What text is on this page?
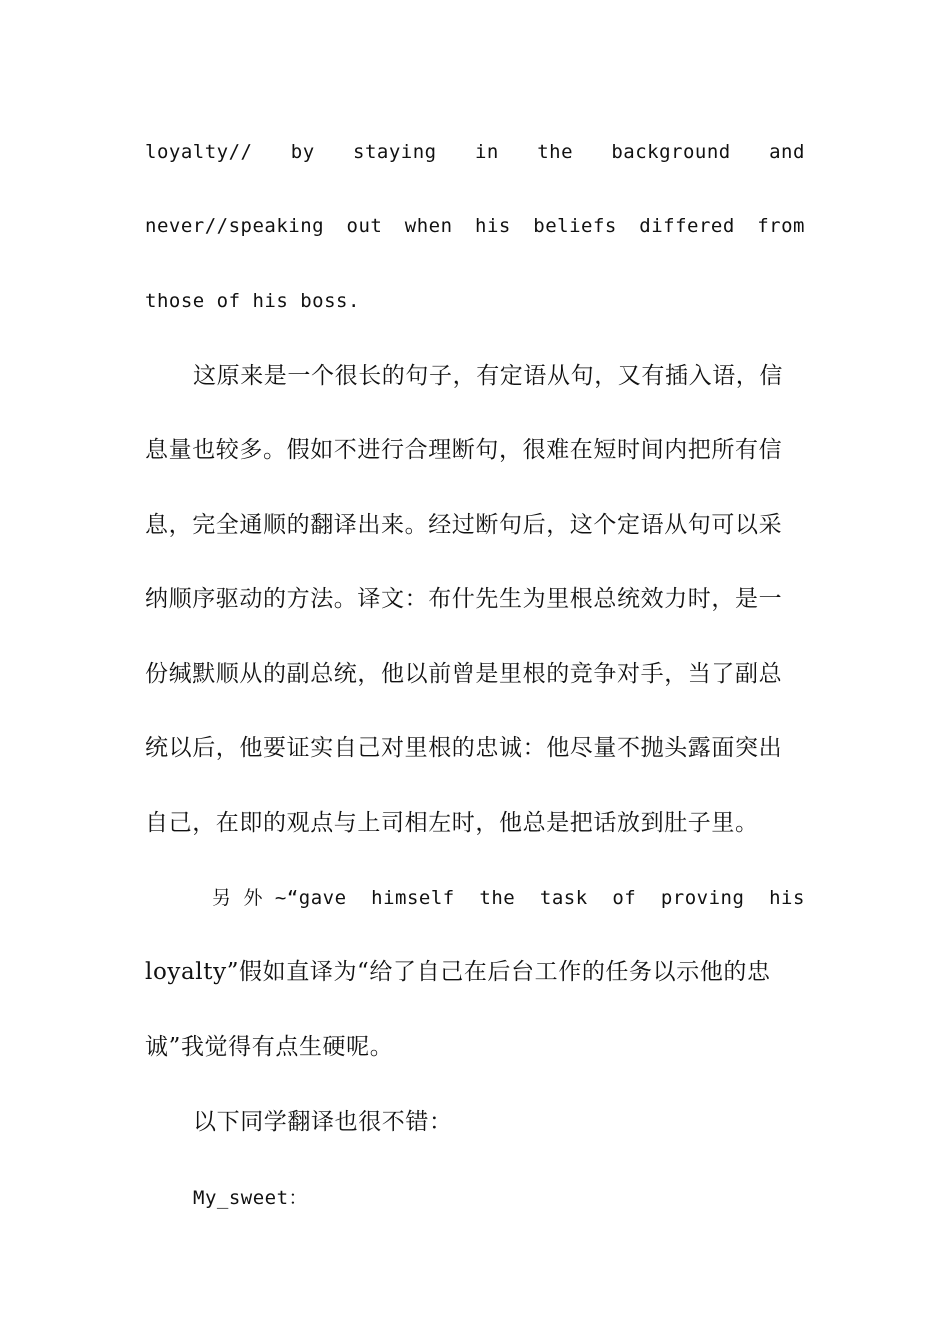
loyalty∕∕ by staying in the background and
never∕∕speaking out when his beliefs differed from
those of his boss.
这原来是一个很长的句子，有定语从句，又有插入语，信
息量也较多。假如不进行合理断句，很难在短时间内把所有信
息，完全通顺的翻译出来。经过断句后，这个定语从句可以采
纳顺序驱动的方法。译文：布什先生为里根总统效力时，是一
份缄默顺从的副总统，他以前曾是里根的竞争对手，当了副总
统以后，他要证实自己对里根的忠诚：他尽量不抛头露面突出
自己，在即的观点与上司相左时，他总是把话放到肚子里。
另 外 ~“gave himself the task of proving his
loyalty”假如直译为“给了自己在后台工作的任务以示他的忠
诚”我觉得有点生硬呢。
以下同学翻译也很不错：
My_sweet：
